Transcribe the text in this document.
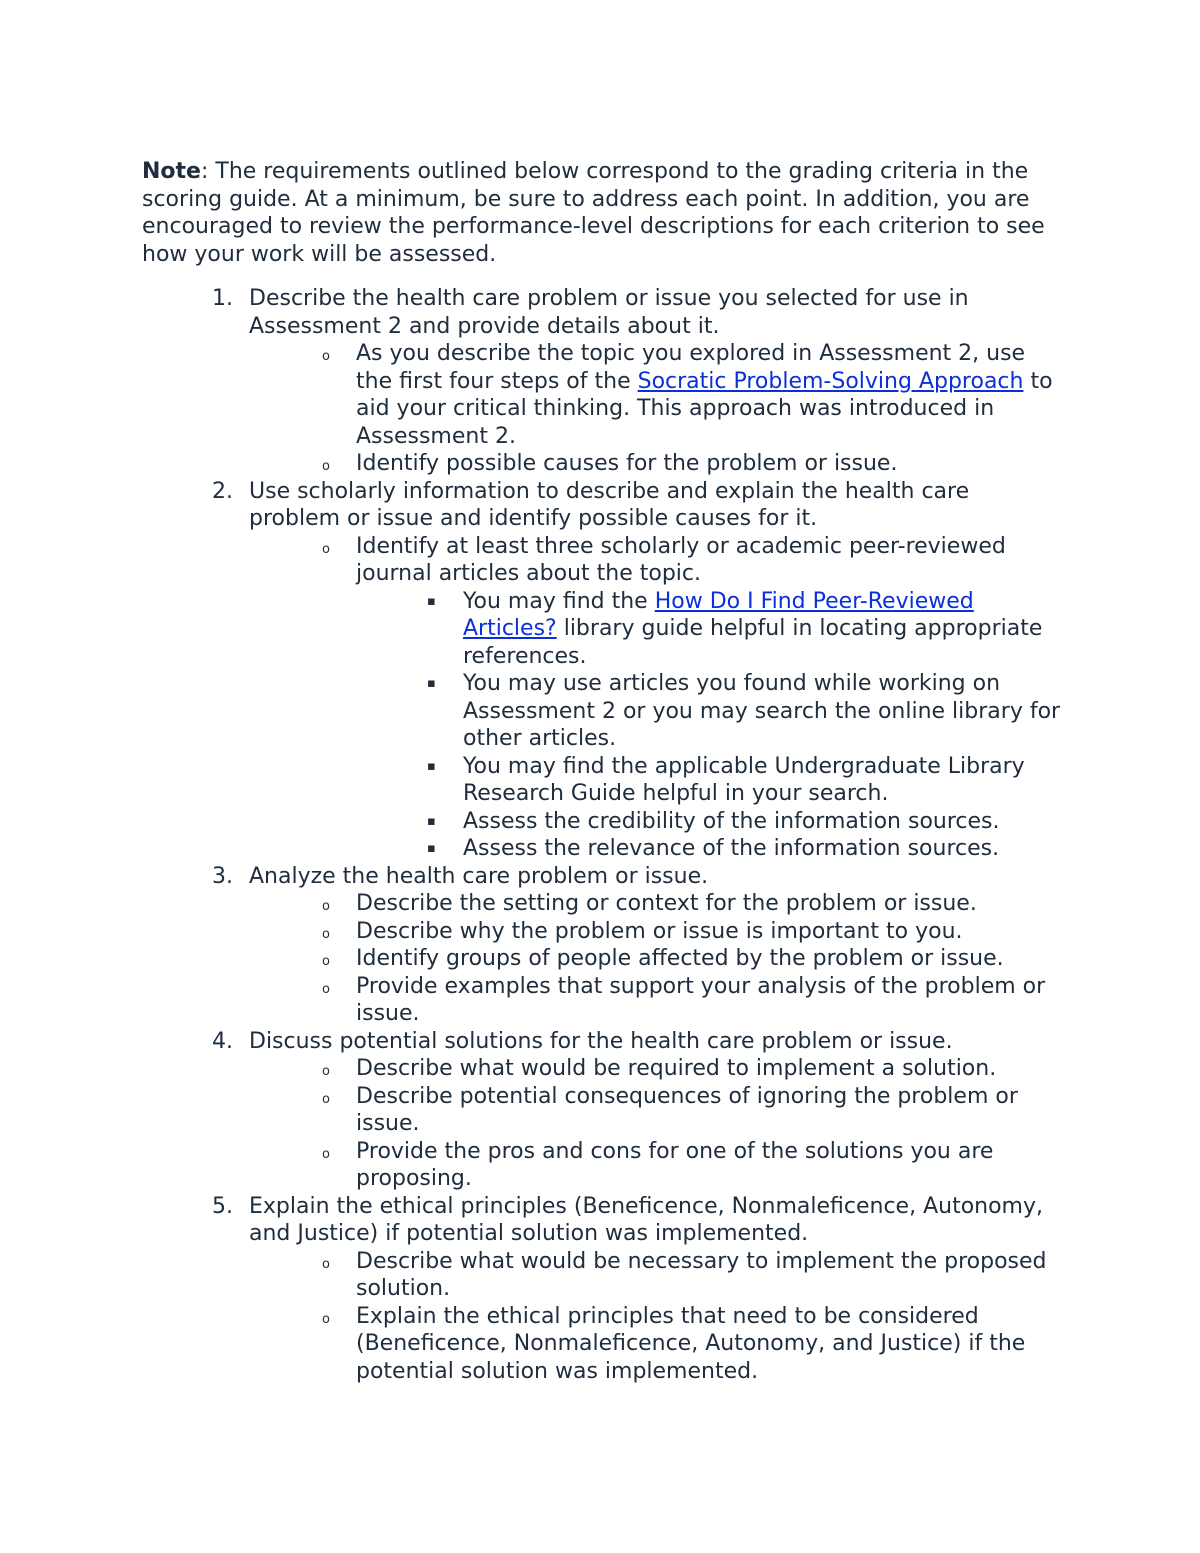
Note: The requirements outlined below correspond to the grading criteria in the scoring guide. At a minimum, be sure to address each point. In addition, you are encouraged to review the performance-level descriptions for each criterion to see how your work will be assessed.

1. Describe the health care problem or issue you selected for use in Assessment 2 and provide details about it.
o As you describe the topic you explored in Assessment 2, use the first four steps of the Socratic Problem-Solving Approach to aid your critical thinking. This approach was introduced in Assessment 2.
o Identify possible causes for the problem or issue.
2. Use scholarly information to describe and explain the health care problem or issue and identify possible causes for it.
o Identify at least three scholarly or academic peer-reviewed journal articles about the topic.
▪ You may find the How Do I Find Peer-Reviewed Articles? library guide helpful in locating appropriate references.
▪ You may use articles you found while working on Assessment 2 or you may search the online library for other articles.
▪ You may find the applicable Undergraduate Library Research Guide helpful in your search.
▪ Assess the credibility of the information sources.
▪ Assess the relevance of the information sources.
3. Analyze the health care problem or issue.
o Describe the setting or context for the problem or issue.
o Describe why the problem or issue is important to you.
o Identify groups of people affected by the problem or issue.
o Provide examples that support your analysis of the problem or issue.
4. Discuss potential solutions for the health care problem or issue.
o Describe what would be required to implement a solution.
o Describe potential consequences of ignoring the problem or issue.
o Provide the pros and cons for one of the solutions you are proposing.
5. Explain the ethical principles (Beneficence, Nonmaleficence, Autonomy, and Justice) if potential solution was implemented.
o Describe what would be necessary to implement the proposed solution.
o Explain the ethical principles that need to be considered (Beneficence, Nonmaleficence, Autonomy, and Justice) if the potential solution was implemented.
